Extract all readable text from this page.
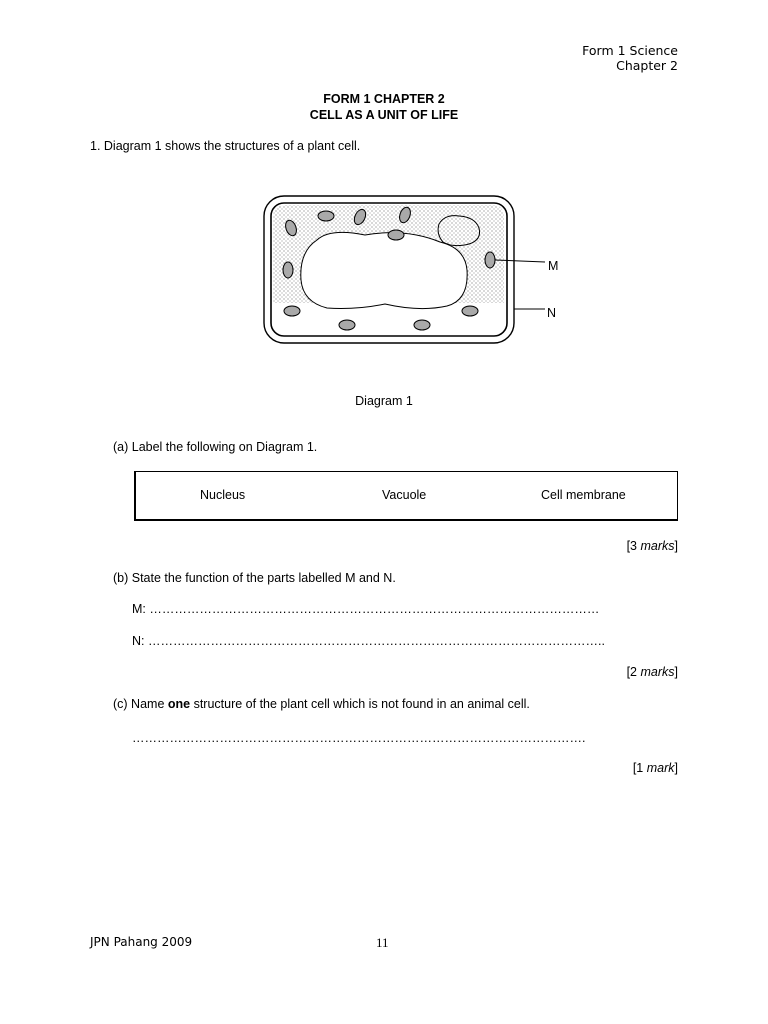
Form 1 Science
Chapter 2
FORM 1 CHAPTER 2
CELL AS A UNIT OF LIFE
1. Diagram 1 shows the structures of a plant cell.
M
N
Diagram 1
(a) Label the following on Diagram 1.
Nucleus	Vacuole	Cell membrane
[3 marks]
(b) State the function of the parts labelled M and N.
M: ………………………………………………………………………………………………
N: ………………………………………………………………………………………………..
[2 marks]
(c) Name one structure of the plant cell which is not found in an animal cell.
……………………………………………………………………………………………….
[1 mark]
JPN Pahang 2009	11
